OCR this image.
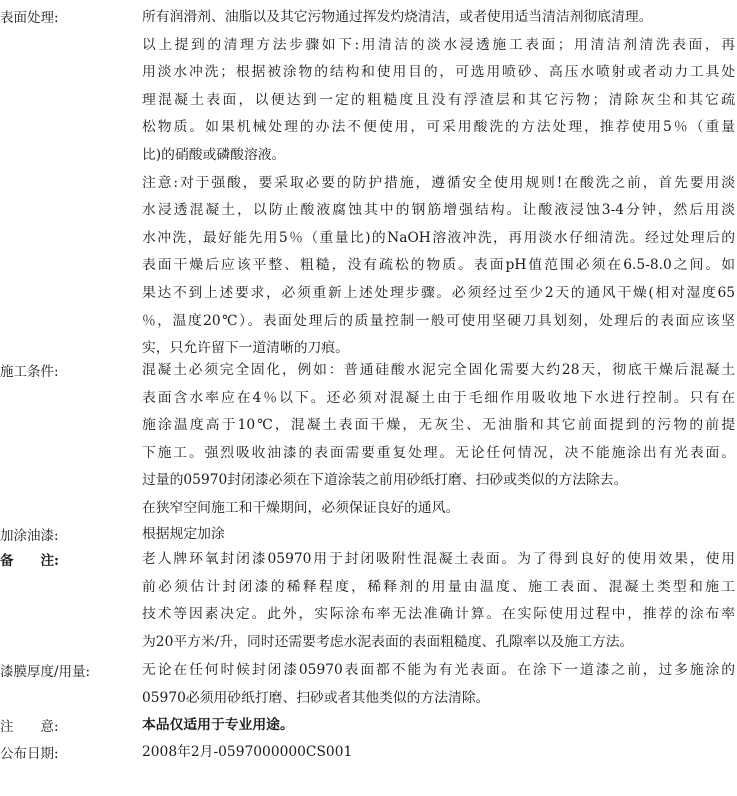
表面处理:	所有润滑剂、油脂以及其它污物通过挥发灼烧清洁，或者使用适当清洁剂彻底清理。
以上提到的清理方法步骤如下:用清洁的淡水浸透施工表面；用清洁剂清洗表面，再
用淡水冲洗；根据被涂物的结构和使用目的，可选用喷砂、高压水喷射或者动力工具处
理混凝土表面，以便达到一定的粗糙度且没有浮渣层和其它污物；清除灰尘和其它疏
松物质。如果机械处理的办法不便使用，可采用酸洗的方法处理，推荐使用5％（重量
比)的硝酸或磷酸溶液。
注意:对于强酸，要采取必要的防护措施，遵循安全使用规则!在酸洗之前，首先要用淡
水浸透混凝土，以防止酸液腐蚀其中的钢筋增强结构。让酸液浸蚀3-4分钟，然后用淡
水冲洗，最好能先用5％（重量比)的NaOH溶液冲洗，再用淡水仔细清洗。经过处理后的
表面干燥后应该平整、粗糙，没有疏松的物质。表面pH值范围必须在6.5-8.0之间。如
果达不到上述要求，必须重新上述处理步骤。必须经过至少2天的通风干燥(相对湿度65
％，温度20℃）。表面处理后的质量控制一般可使用坚硬刀具划刻，处理后的表面应该坚
实，只允许留下一道清晰的刀痕。
施工条件:	混凝土必须完全固化，例如：普通硅酸水泥完全固化需要大约28天，彻底干燥后混凝土
表面含水率应在4％以下。还必须对混凝土由于毛细作用吸收地下水进行控制。只有在
施涂温度高于10℃，混凝土表面干燥，无灰尘、无油脂和其它前面提到的污物的前提
下施工。强烈吸收油漆的表面需要重复处理。无论任何情况，决不能施涂出有光表面。
过量的05970封闭漆必须在下道涂装之前用砂纸打磨、扫砂或类似的方法除去。
在狭窄空间施工和干燥期间，必须保证良好的通风。
加涂油漆:	根据规定加涂
备　　注:	老人牌环氧封闭漆05970用于封闭吸附性混凝土表面。为了得到良好的使用效果，使用
前必须估计封闭漆的稀释程度，稀释剂的用量由温度、施工表面、混凝土类型和施工
技术等因素决定。此外，实际涂布率无法准确计算。在实际使用过程中，推荐的涂布率
为20平方米/升，同时还需要考虑水泥表面的表面粗糙度、孔隙率以及施工方法。
漆膜厚度/用量:	无论在任何时候封闭漆05970表面都不能为有光表面。在涂下一道漆之前，过多施涂的
05970必须用砂纸打磨、扫砂或者其他类似的方法清除。
注　　意:	本品仅适用于专业用途。
公布日期:	2008年2月-0597000000CS001
